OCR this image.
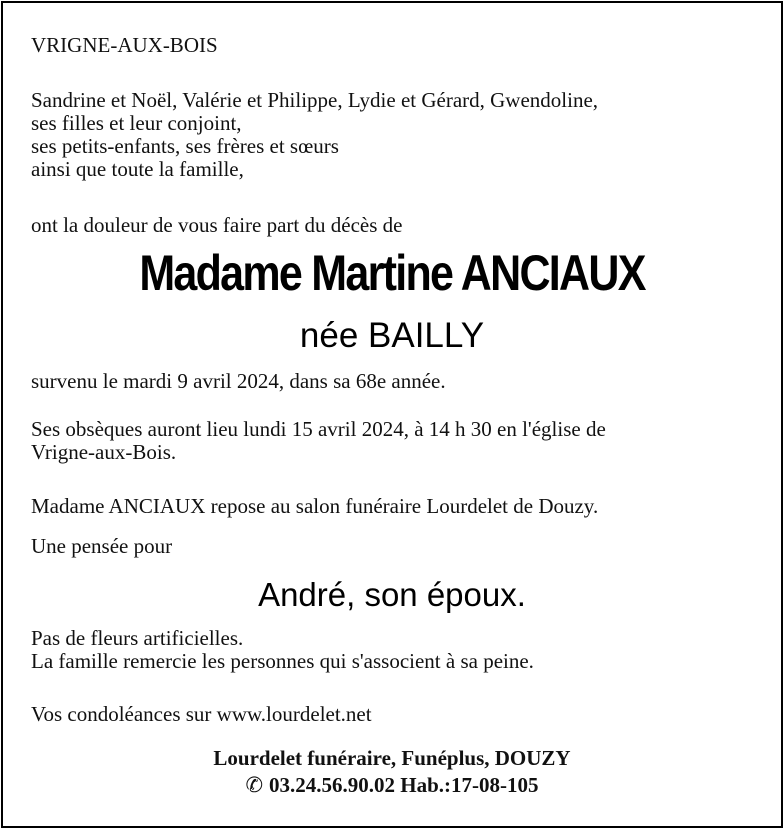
VRIGNE-AUX-BOIS
Sandrine et Noël, Valérie et Philippe, Lydie et Gérard, Gwendoline,
ses filles et leur conjoint,
ses petits-enfants, ses frères et sœurs
ainsi que toute la famille,
ont la douleur de vous faire part du décès de
Madame Martine ANCIAUX
née BAILLY
survenu le mardi 9 avril 2024, dans sa 68e année.
Ses obsèques auront lieu lundi 15 avril 2024, à 14 h 30 en l'église de
Vrigne-aux-Bois.
Madame ANCIAUX repose au salon funéraire Lourdelet de Douzy.
Une pensée pour
André, son époux.
Pas de fleurs artificielles.
La famille remercie les personnes qui s'associent à sa peine.
Vos condoléances sur www.lourdelet.net
Lourdelet funéraire, Funéplus, DOUZY
✆ 03.24.56.90.02 Hab.:17-08-105
